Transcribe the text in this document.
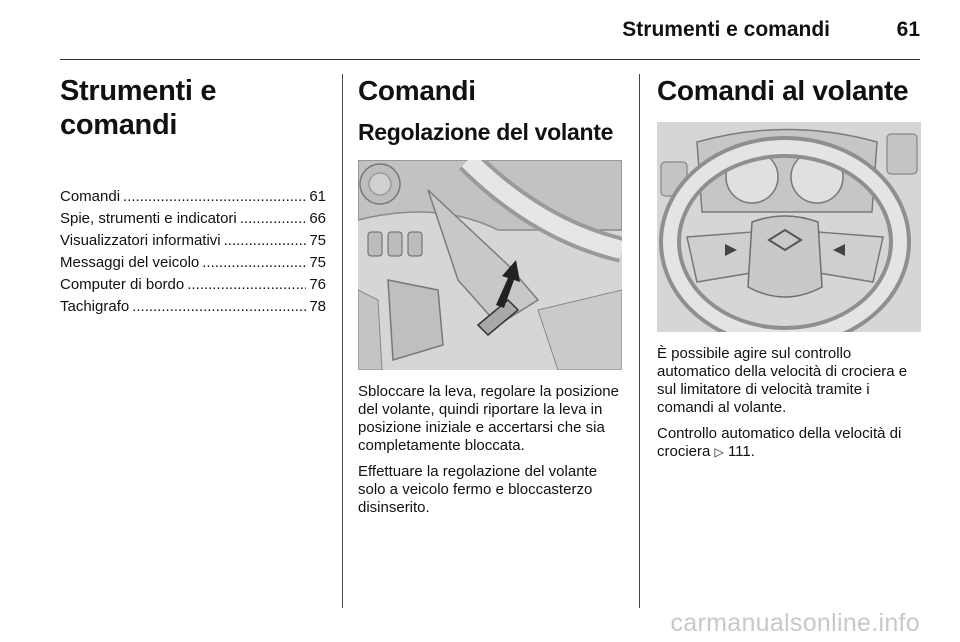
Strumenti e comandi	61
Strumenti e comandi
Comandi .....	61
Spie, strumenti e indicatori .....	66
Visualizzatori informativi .....	75
Messaggi del veicolo .....	75
Computer di bordo .....	76
Tachigrafo .....	78
Comandi
Regolazione del volante

Sbloccare la leva, regolare la posizione del volante, quindi riportare la leva in posizione iniziale e accertarsi che sia completamente bloccata.

Effettuare la regolazione del volante solo a veicolo fermo e bloccasterzo disinserito.

Comandi al volante

È possibile agire sul controllo automatico della velocità di crociera e sul limitatore di velocità tramite i comandi al volante.

Controllo automatico della velocità di crociera ▷ 111.

carmanualsonline.info
